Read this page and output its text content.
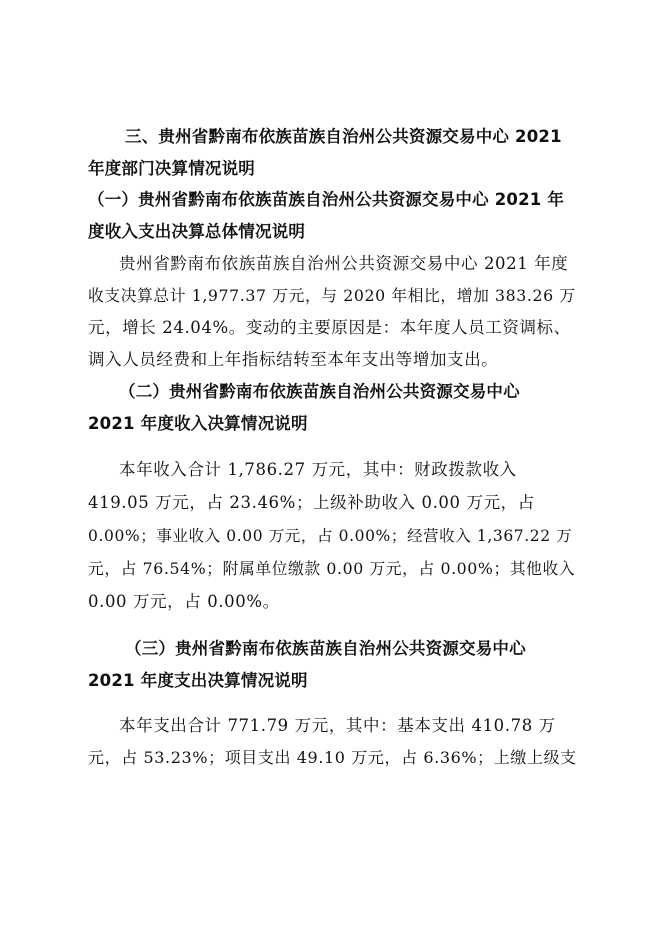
三、贵州省黔南布依族苗族自治州公共资源交易中心 2021
年度部门决算情况说明
（一）贵州省黔南布依族苗族自治州公共资源交易中心 2021 年
度收入支出决算总体情况说明
贵州省黔南布依族苗族自治州公共资源交易中心 2021 年度
收支决算总计 1,977.37 万元，与 2020 年相比，增加 383.26 万
元，增长 24.04%。变动的主要原因是：本年度人员工资调标、
调入人员经费和上年指标结转至本年支出等增加支出。
（二）贵州省黔南布依族苗族自治州公共资源交易中心
2021 年度收入决算情况说明
本年收入合计 1,786.27 万元，其中：财政拨款收入
419.05 万元，占 23.46%；上级补助收入 0.00 万元，占
0.00%；事业收入 0.00 万元，占 0.00%；经营收入 1,367.22 万
元，占 76.54%；附属单位缴款 0.00 万元，占 0.00%；其他收入
0.00 万元，占 0.00%。
（三）贵州省黔南布依族苗族自治州公共资源交易中心
2021 年度支出决算情况说明
本年支出合计 771.79 万元，其中：基本支出 410.78 万
元，占 53.23%；项目支出 49.10 万元，占 6.36%；上缴上级支
